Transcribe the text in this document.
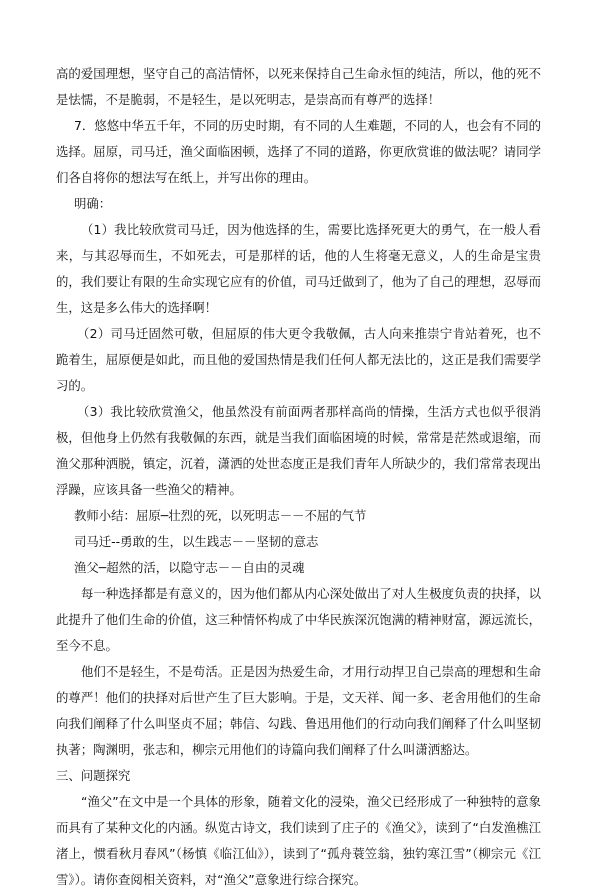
高的爱国理想，坚守自己的高洁情怀，以死来保持自己生命永恒的纯洁，所以，他的死不是怯懦，不是脆弱，不是轻生，是以死明志，是崇高而有尊严的选择！

7．悠悠中华五千年，不同的历史时期，有不同的人生难题，不同的人，也会有不同的选择。屈原，司马迁，渔父面临困顿，选择了不同的道路，你更欣赏谁的做法呢？请同学们各自将你的想法写在纸上，并写出你的理由。

明确：

（1）我比较欣赏司马迁，因为他选择的生，需要比选择死更大的勇气，在一般人看来，与其忍辱而生，不如死去，可是那样的话，他的人生将毫无意义，人的生命是宝贵的，我们要让有限的生命实现它应有的价值，司马迁做到了，他为了自己的理想，忍辱而生，这是多么伟大的选择啊！

（2）司马迁固然可敬，但屈原的伟大更令我敬佩，古人向来推崇宁肯站着死，也不跪着生，屈原便是如此，而且他的爱国热情是我们任何人都无法比的，这正是我们需要学习的。

（3）我比较欣赏渔父，他虽然没有前面两者那样高尚的情操，生活方式也似乎很消极，但他身上仍然有我敬佩的东西，就是当我们面临困境的时候，常常是茫然或退缩，而渔父那种洒脱，镇定，沉着，潇洒的处世态度正是我们青年人所缺少的，我们常常表现出浮躁，应该具备一些渔父的精神。

教师小结：屈原─壮烈的死，以死明志－－不屈的气节

司马迁--勇敢的生，以生践志－－坚韧的意志

渔父─超然的活，以隐守志－－自由的灵魂

每一种选择都是有意义的，因为他们都从内心深处做出了对人生极度负责的抉择，以此提升了他们生命的价值，这三种情怀构成了中华民族深沉饱满的精神财富，源远流长，至今不息。

他们不是轻生，不是苟活。正是因为热爱生命，才用行动捍卫自己崇高的理想和生命的尊严！他们的抉择对后世产生了巨大影响。于是，文天祥、闻一多、老舍用他们的生命向我们阐释了什么叫坚贞不屈；韩信、勾践、鲁迅用他们的行动向我们阐释了什么叫坚韧执著；陶渊明，张志和，柳宗元用他们的诗篇向我们阐释了什么叫潇洒豁达。

三、问题探究

“渔父”在文中是一个具体的形象，随着文化的浸染，渔父已经形成了一种独特的意象而具有了某种文化的内涵。纵览古诗文，我们读到了庄子的《渔父》，读到了“白发渔樵江渚上，惯看秋月春风”（杨慎《临江仙》），读到了“孤舟蓑笠翁，独钓寒江雪”（柳宗元《江雪》）。请你查阅相关资料，对“渔父”意象进行综合探究。
